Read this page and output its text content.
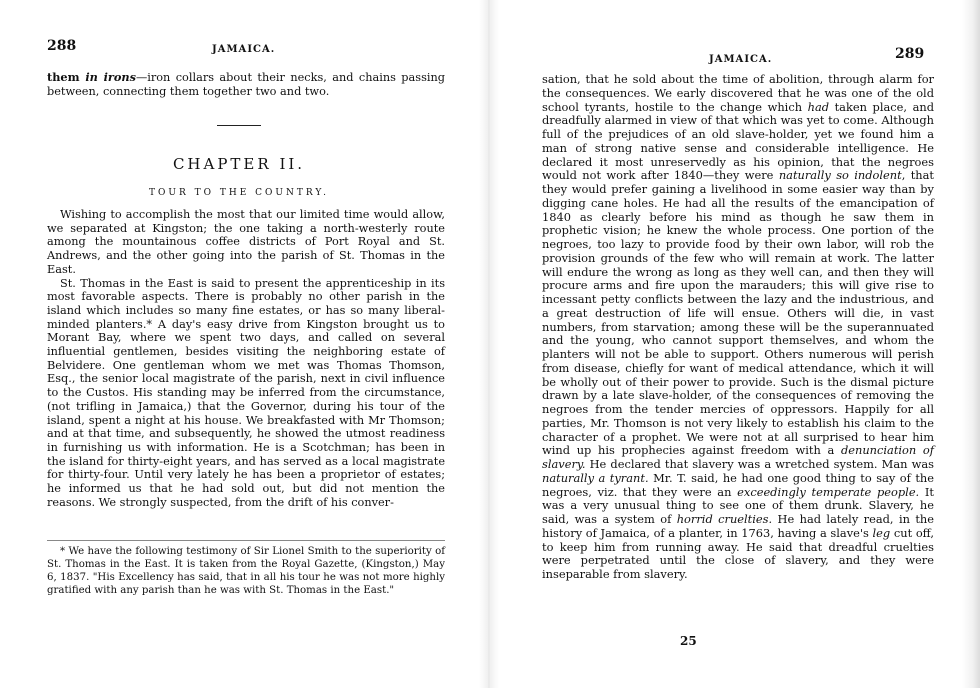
288	JAMAICA.
them in irons—iron collars about their necks, and chains passing between, connecting them together two and two.
CHAPTER II.
TOUR TO THE COUNTRY.

Wishing to accomplish the most that our limited time would allow, we separated at Kingston; the one taking a north-westerly route among the mountainous coffee districts of Port Royal and St. Andrews, and the other going into the parish of St. Thomas in the East.

St. Thomas in the East is said to present the apprenticeship in its most favorable aspects. There is probably no other parish in the island which includes so many fine estates, or has so many liberal-minded planters.* A day's easy drive from Kingston brought us to Morant Bay, where we spent two days, and called on several influential gentlemen, besides visiting the neighboring estate of Belvidere. One gentleman whom we met was Thomas Thomson, Esq., the senior local magistrate of the parish, next in civil influence to the Custos. His standing may be inferred from the circumstance, (not trifling in Jamaica,) that the Governor, during his tour of the island, spent a night at his house. We breakfasted with Mr Thomson; and at that time, and subsequently, he showed the utmost readiness in furnishing us with information. He is a Scotchman; has been in the island for thirty-eight years, and has served as a local magistrate for thirty-four. Until very lately he has been a proprietor of estates; he informed us that he had sold out, but did not mention the reasons. We strongly suspected, from the drift of his conver-

* We have the following testimony of Sir Lionel Smith to the superiority of St. Thomas in the East. It is taken from the Royal Gazette, (Kingston,) May 6, 1837. "His Excellency has said, that in all his tour he was not more highly gratified with any parish than he was with St. Thomas in the East."
JAMAICA.	289

sation, that he sold about the time of abolition, through alarm for the consequences. We early discovered that he was one of the old school tyrants, hostile to the change which had taken place, and dreadfully alarmed in view of that which was yet to come. Although full of the prejudices of an old slave-holder, yet we found him a man of strong native sense and considerable intelligence. He declared it most unreservedly as his opinion, that the negroes would not work after 1840—they were naturally so indolent, that they would prefer gaining a livelihood in some easier way than by digging cane holes. He had all the results of the emancipation of 1840 as clearly before his mind as though he saw them in prophetic vision; he knew the whole process. One portion of the negroes, too lazy to provide food by their own labor, will rob the provision grounds of the few who will remain at work. The latter will endure the wrong as long as they well can, and then they will procure arms and fire upon the marauders; this will give rise to incessant petty conflicts between the lazy and the industrious, and a great destruction of life will ensue. Others will die, in vast numbers, from starvation; among these will be the superannuated and the young, who cannot support themselves, and whom the planters will not be able to support. Others numerous will perish from disease, chiefly for want of medical attendance, which it will be wholly out of their power to provide. Such is the dismal picture drawn by a late slave-holder, of the consequences of removing the negroes from the tender mercies of oppressors. Happily for all parties, Mr. Thomson is not very likely to establish his claim to the character of a prophet. We were not at all surprised to hear him wind up his prophecies against freedom with a denunciation of slavery. He declared that slavery was a wretched system. Man was naturally a tyrant. Mr. T. said, he had one good thing to say of the negroes, viz. that they were an exceedingly temperate people. It was a very unusual thing to see one of them drunk. Slavery, he said, was a system of horrid cruelties. He had lately read, in the history of Jamaica, of a planter, in 1763, having a slave's leg cut off, to keep him from running away. He said that dreadful cruelties were perpetrated until the close of slavery, and they were inseparable from slavery.

25
